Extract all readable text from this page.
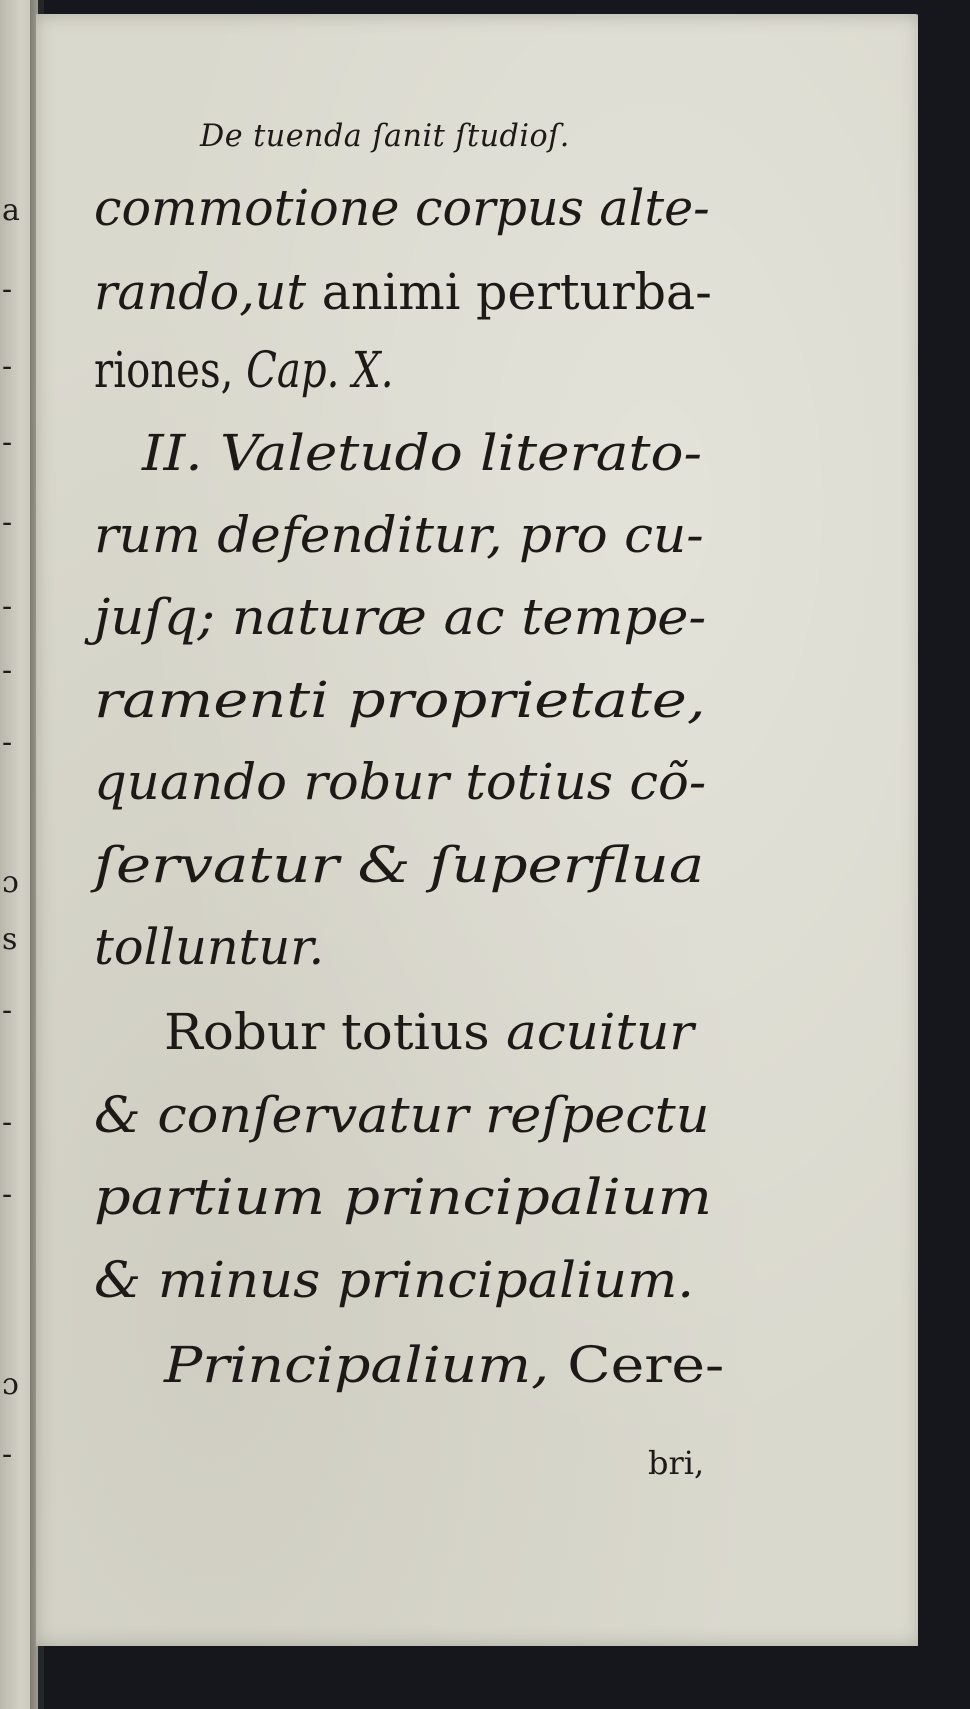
a
-
-
-
-
-
-
-
ɔ
s
-
-
-
ɔ
-
De tuenda ſanit ſtudioſ.
commotione corpus alte-
rando,ut animi perturba-
riones, Cap. X.
II. Valetudo literato-
rum defenditur, pro cu-
juſq; naturæ ac tempe-
ramenti proprietate,
quando robur totius cõ-
ſervatur & ſuperflua
tolluntur.
Robur totius acuitur
& conſervatur reſpectu
partium principalium
& minus principalium.
Principalium, Cere-
bri,
